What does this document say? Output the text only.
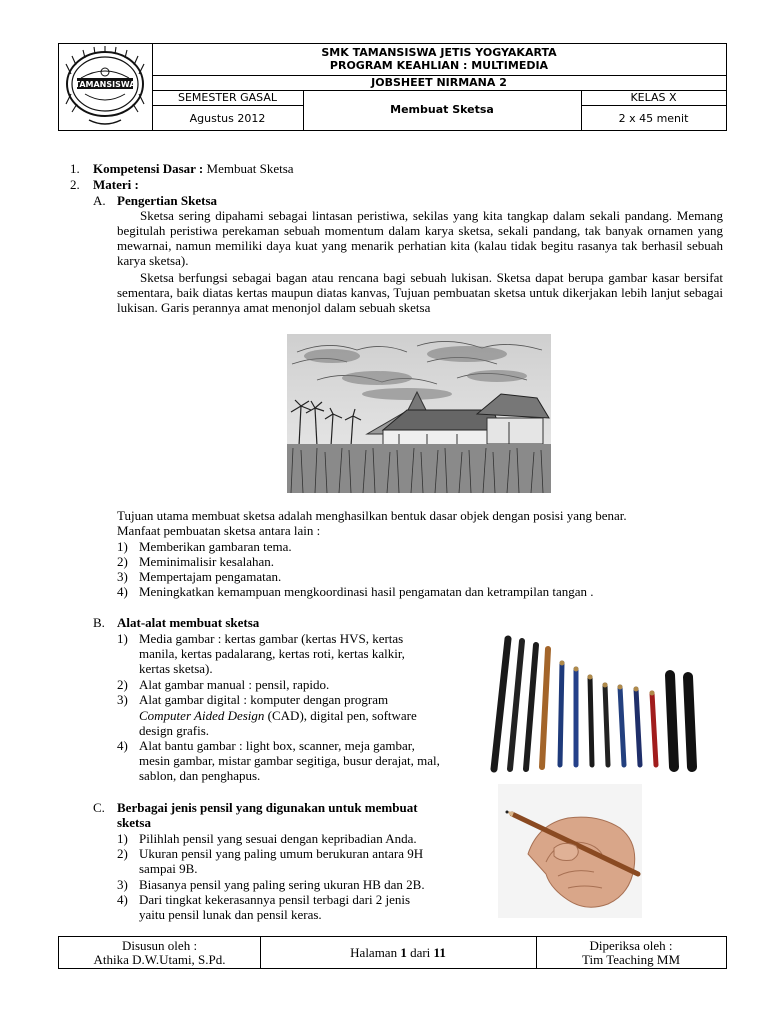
TAMANSISWA
SMK TAMANSISWA JETIS YOGYAKARTA
PROGRAM KEAHLIAN : MULTIMEDIA
JOBSHEET NIRMANA 2
SEMESTER GASAL
Agustus 2012
Membuat Sketsa
KELAS X
2 x 45 menit
1. Kompetensi Dasar : Membuat Sketsa
2. Materi :
A. Pengertian Sketsa
Sketsa sering dipahami sebagai lintasan peristiwa, sekilas yang kita tangkap dalam sekali pandang. Memang begitulah peristiwa perekaman sebuah momentum dalam karya sketsa, sekali pandang, tak banyak ornamen yang mewarnai, namun memiliki daya kuat yang menarik perhatian kita (kalau tidak begitu rasanya tak berhasil sebuah karya sketsa).
Sketsa berfungsi sebagai bagan atau rencana bagi sebuah lukisan. Sketsa dapat berupa gambar kasar bersifat sementara, baik diatas kertas maupun diatas kanvas, Tujuan pembuatan sketsa untuk dikerjakan lebih lanjut sebagai lukisan. Garis perannya amat menonjol dalam sebuah sketsa
Tujuan utama membuat sketsa adalah menghasilkan bentuk dasar objek dengan posisi yang benar.
Manfaat pembuatan sketsa antara lain :
1) Memberikan gambaran tema.
2) Meminimalisir kesalahan.
3) Mempertajam pengamatan.
4) Meningkatkan kemampuan mengkoordinasi hasil pengamatan dan ketrampilan tangan .
B. Alat-alat membuat sketsa
1) Media gambar : kertas gambar (kertas HVS, kertas
manila, kertas padalarang, kertas roti, kertas kalkir,
kertas sketsa).
2) Alat gambar manual : pensil, rapido.
3) Alat gambar digital : komputer dengan program
Computer Aided Design (CAD), digital pen, software
design grafis.
4) Alat bantu gambar : light box, scanner, meja gambar,
mesin gambar, mistar gambar segitiga, busur derajat, mal,
sablon, dan penghapus.
C. Berbagai jenis pensil yang digunakan untuk membuat
sketsa
1) Pilihlah pensil yang sesuai dengan kepribadian Anda.
2) Ukuran pensil yang paling umum berukuran antara 9H
sampai 9B.
3) Biasanya pensil yang paling sering ukuran HB dan 2B.
4) Dari tingkat kekerasannya pensil terbagi dari 2 jenis
yaitu pensil lunak dan pensil keras.
Disusun oleh :
Athika D.W.Utami, S.Pd.	Halaman 1 dari 11	Diperiksa oleh :
Tim Teaching MM
